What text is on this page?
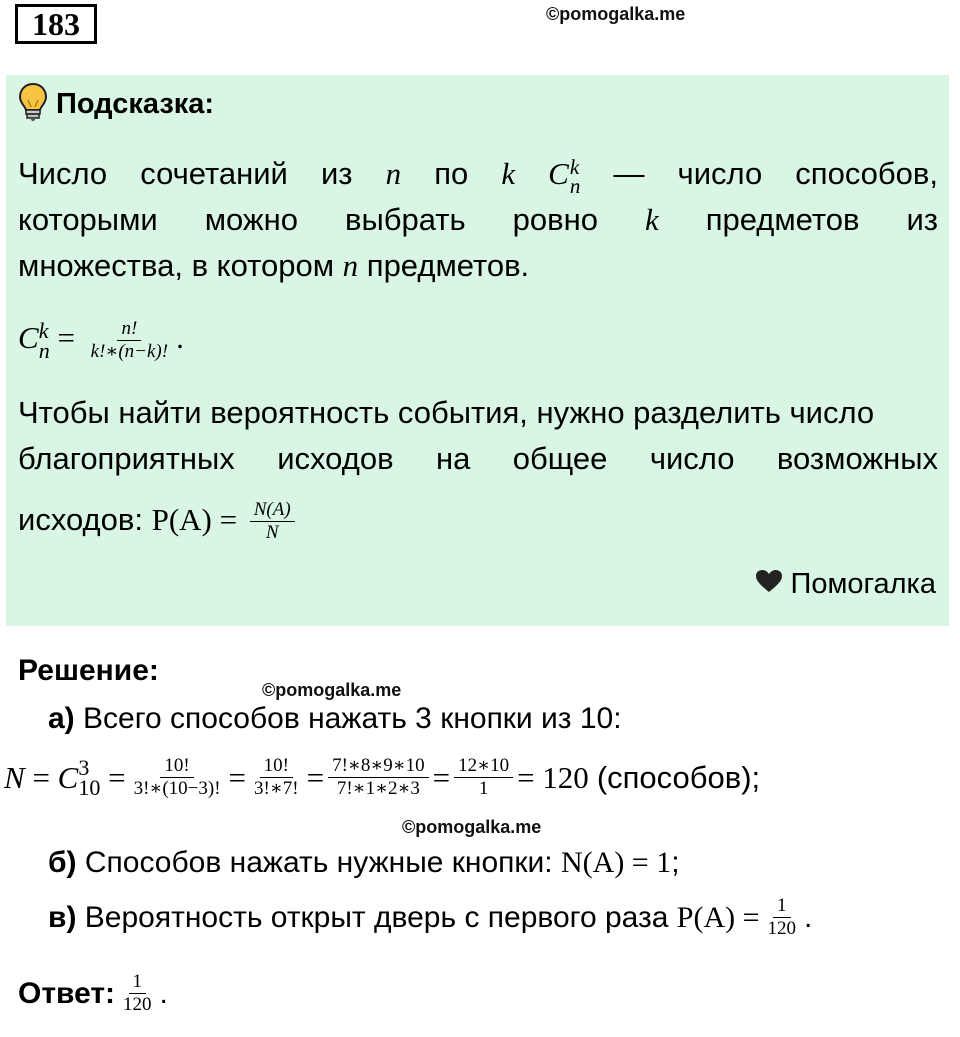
183	©pomogalka.me
Подсказка:
Число сочетаний из n по k C k
n — число способов,
которыми можно выбрать ровно k предметов из
множества, в котором n предметов.
C k
$n = \frac{n!}{k!∗(n-k)!}$ .
Чтобы найти вероятность события, нужно разделить число
благоприятных исходов на общее число возможных
исходов: $P(A) = \frac{N(A)}{N}$
Помогалка
Решение:
©pomogalka.me
а) Всего способов нажать 3 кнопки из 10:
N = C 3
$10 = \frac{10!}{3!∗(10-3)!} = \frac{10!}{3!∗7!} = \frac{7!∗8∗9∗10}{7!∗1∗2∗3} = \frac{12∗10}{1} = 120$ (способов);
©pomogalka.me
б) Способов нажать нужные кнопки: N(A) = 1;
в)
Вероятность открыт дверь с первого раза
$P(A) = \frac{1}{120}$ .
Ответ: $\frac{1}{120}$ .
